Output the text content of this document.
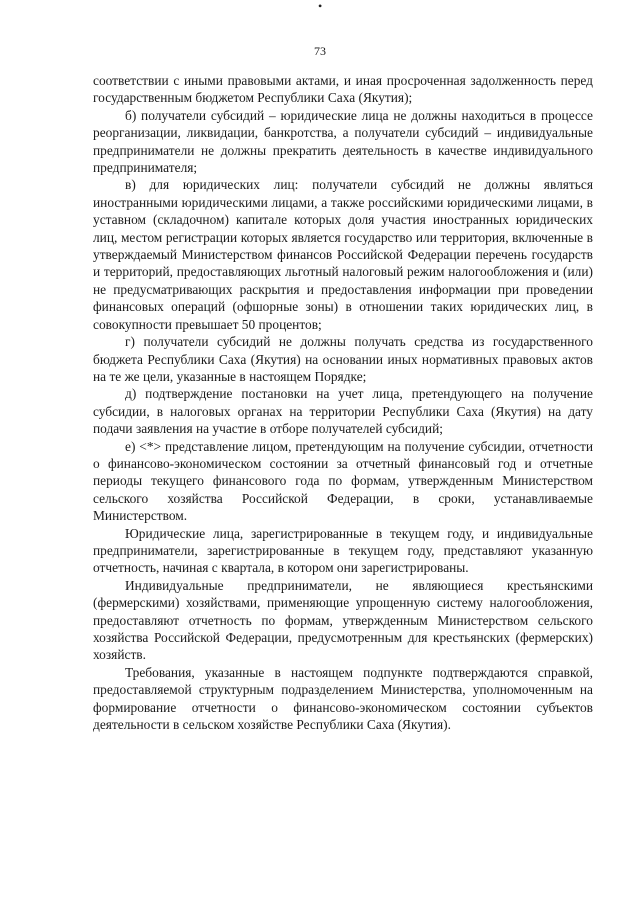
•
73

соответствии с иными правовыми актами, и иная просроченная задолженность перед государственным бюджетом Республики Саха (Якутия);

б) получатели субсидий – юридические лица не должны находиться в процессе реорганизации, ликвидации, банкротства, а получатели субсидий – индивидуальные предприниматели не должны прекратить деятельность в качестве индивидуального предпринимателя;

в) для юридических лиц: получатели субсидий не должны являться иностранными юридическими лицами, а также российскими юридическими лицами, в уставном (складочном) капитале которых доля участия иностранных юридических лиц, местом регистрации которых является государство или территория, включенные в утверждаемый Министерством финансов Российской Федерации перечень государств и территорий, предоставляющих льготный налоговый режим налогообложения и (или) не предусматривающих раскрытия и предоставления информации при проведении финансовых операций (офшорные зоны) в отношении таких юридических лиц, в совокупности превышает 50 процентов;

г) получатели субсидий не должны получать средства из государственного бюджета Республики Саха (Якутия) на основании иных нормативных правовых актов на те же цели, указанные в настоящем Порядке;

д) подтверждение постановки на учет лица, претендующего на получение субсидии, в налоговых органах на территории Республики Саха (Якутия) на дату подачи заявления на участие в отборе получателей субсидий;

е) <*> представление лицом, претендующим на получение субсидии, отчетности о финансово-экономическом состоянии за отчетный финансовый год и отчетные периоды текущего финансового года по формам, утвержденным Министерством сельского хозяйства Российской Федерации, в сроки, устанавливаемые Министерством.

Юридические лица, зарегистрированные в текущем году, и индивидуальные предприниматели, зарегистрированные в текущем году, представляют указанную отчетность, начиная с квартала, в котором они зарегистрированы.

Индивидуальные предприниматели, не являющиеся крестьянскими (фермерскими) хозяйствами, применяющие упрощенную систему налогообложения, предоставляют отчетность по формам, утвержденным Министерством сельского хозяйства Российской Федерации, предусмотренным для крестьянских (фермерских) хозяйств.

Требования, указанные в настоящем подпункте подтверждаются справкой, предоставляемой структурным подразделением Министерства, уполномоченным на формирование отчетности о финансово-экономическом состоянии субъектов деятельности в сельском хозяйстве Республики Саха (Якутия).
